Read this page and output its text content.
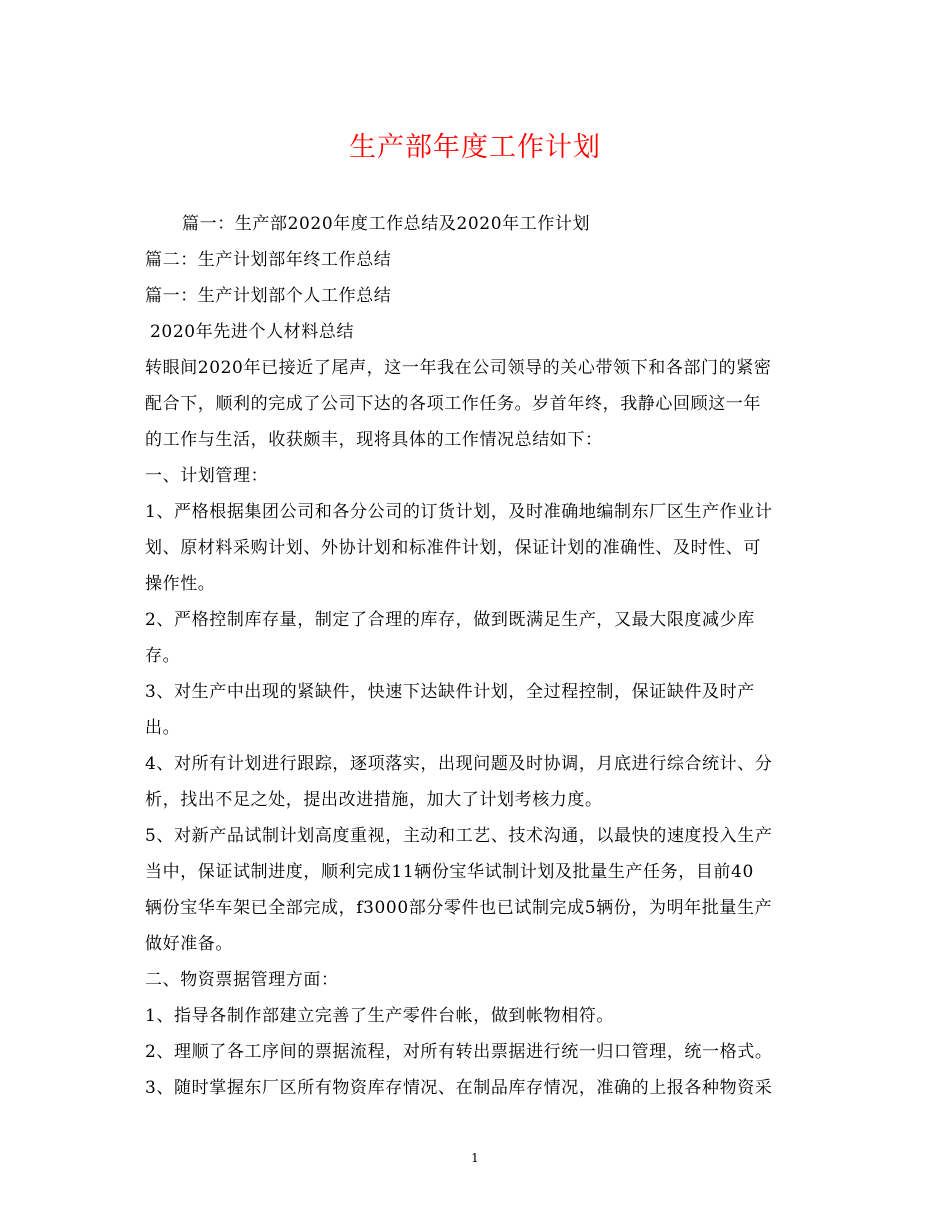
生产部年度工作计划

篇一：生产部2020年度工作总结及2020年工作计划
篇二：生产计划部年终工作总结
篇一：生产计划部个人工作总结
2020年先进个人材料总结
转眼间2020年已接近了尾声，这一年我在公司领导的关心带领下和各部门的紧密
配合下，顺利的完成了公司下达的各项工作任务。岁首年终，我静心回顾这一年
的工作与生活，收获颇丰，现将具体的工作情况总结如下：
一、计划管理：
1、严格根据集团公司和各分公司的订货计划，及时准确地编制东厂区生产作业计
划、原材料采购计划、外协计划和标准件计划，保证计划的准确性、及时性、可
操作性。
2、严格控制库存量，制定了合理的库存，做到既满足生产，又最大限度减少库
存。
3、对生产中出现的紧缺件，快速下达缺件计划，全过程控制，保证缺件及时产
出。
4、对所有计划进行跟踪，逐项落实，出现问题及时协调，月底进行综合统计、分
析，找出不足之处，提出改进措施，加大了计划考核力度。
5、对新产品试制计划高度重视，主动和工艺、技术沟通，以最快的速度投入生产
当中，保证试制进度，顺利完成11辆份宝华试制计划及批量生产任务，目前40
辆份宝华车架已全部完成，f3000部分零件也已试制完成5辆份，为明年批量生产
做好准备。
二、物资票据管理方面：
1、指导各制作部建立完善了生产零件台帐，做到帐物相符。
2、理顺了各工序间的票据流程，对所有转出票据进行统一归口管理，统一格式。
3、随时掌握东厂区所有物资库存情况、在制品库存情况，准确的上报各种物资采

1
